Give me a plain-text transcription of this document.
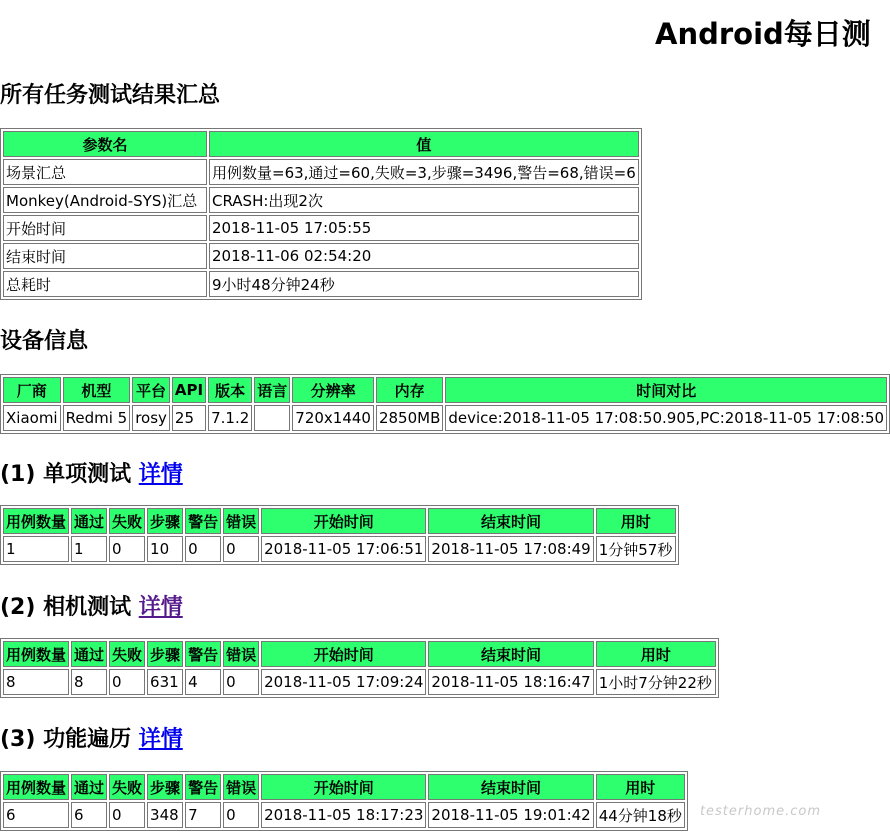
Android每日测
所有任务测试结果汇总
参数名	值
场景汇总	用例数量=63,通过=60,失败=3,步骤=3496,警告=68,错误=6
Monkey(Android-SYS)汇总	CRASH:出现2次
开始时间	2018-11-05 17:05:55
结束时间	2018-11-06 02:54:20
总耗时	9小时48分钟24秒
设备信息
厂商	机型	平台	API	版本	语言	分辨率	内存	时间对比
Xiaomi	Redmi 5	rosy	25	7.1.2		720x1440	2850MB	device:2018-11-05 17:08:50.905,PC:2018-11-05 17:08:50
(1) 单项测试 详情
用例数量	通过	失败	步骤	警告	错误	开始时间	结束时间	用时
1	1	0	10	0	0	2018-11-05 17:06:51	2018-11-05 17:08:49	1分钟57秒
(2) 相机测试 详情
用例数量	通过	失败	步骤	警告	错误	开始时间	结束时间	用时
8	8	0	631	4	0	2018-11-05 17:09:24	2018-11-05 18:16:47	1小时7分钟22秒
(3) 功能遍历 详情
用例数量	通过	失败	步骤	警告	错误	开始时间	结束时间	用时
6	6	0	348	7	0	2018-11-05 18:17:23	2018-11-05 19:01:42	44分钟18秒 testerhome.com
